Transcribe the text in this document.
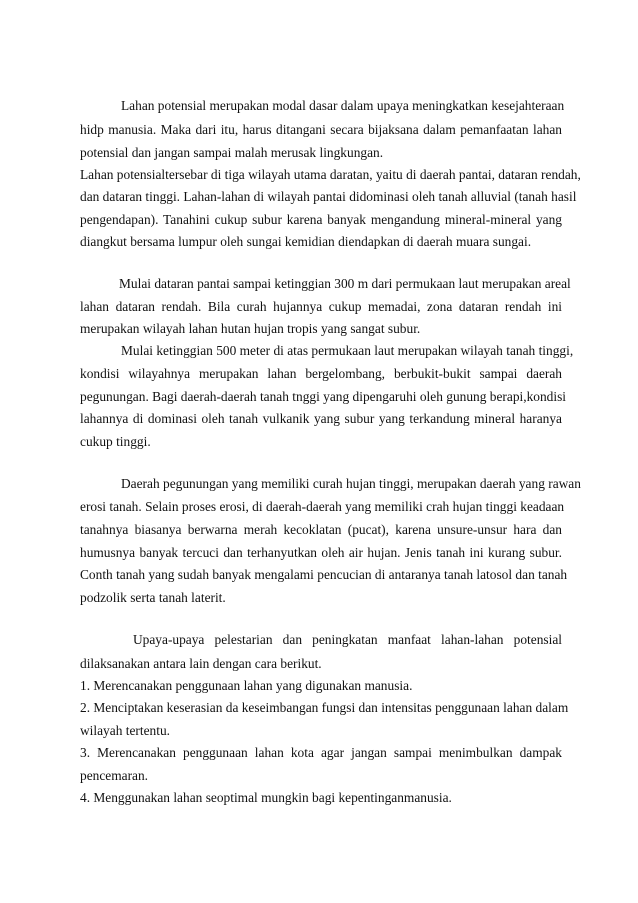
Lahan potensial merupakan modal dasar dalam upaya meningkatkan kesejahteraan
hidp manusia. Maka dari itu, harus ditangani secara bijaksana dalam pemanfaatan lahan
potensial dan jangan sampai malah merusak lingkungan.
Lahan potensialtersebar di tiga wilayah utama daratan, yaitu di daerah pantai, dataran rendah,
dan dataran tinggi. Lahan-lahan di wilayah pantai didominasi oleh tanah alluvial (tanah hasil
pengendapan). Tanahini cukup subur karena banyak mengandung mineral-mineral yang
diangkut bersama lumpur oleh sungai kemidian diendapkan di daerah muara sungai.
Mulai dataran pantai sampai ketinggian 300 m dari permukaan laut merupakan areal
lahan dataran rendah. Bila curah hujannya cukup memadai, zona dataran rendah ini
merupakan wilayah lahan hutan hujan tropis yang sangat subur.
Mulai ketinggian 500 meter di atas permukaan laut merupakan wilayah tanah tinggi,
kondisi wilayahnya merupakan lahan bergelombang, berbukit-bukit sampai daerah
pegunungan. Bagi daerah-daerah tanah tnggi yang dipengaruhi oleh gunung berapi,kondisi
lahannya di dominasi oleh tanah vulkanik yang subur yang terkandung mineral haranya
cukup tinggi.
Daerah pegunungan yang memiliki curah hujan tinggi, merupakan daerah yang rawan
erosi tanah. Selain proses erosi, di daerah-daerah yang memiliki crah hujan tinggi keadaan
tanahnya biasanya berwarna merah kecoklatan (pucat), karena unsure-unsur hara dan
humusnya banyak tercuci dan terhanyutkan oleh air hujan. Jenis tanah ini kurang subur.
Conth tanah yang sudah banyak mengalami pencucian di antaranya tanah latosol dan tanah
podzolik serta tanah laterit.
Upaya-upaya pelestarian dan peningkatan manfaat lahan-lahan potensial
dilaksanakan antara lain dengan cara berikut.
1. Merencanakan penggunaan lahan yang digunakan manusia.
2. Menciptakan keserasian da keseimbangan fungsi dan intensitas penggunaan lahan dalam
wilayah tertentu.
3. Merencanakan penggunaan lahan kota agar jangan sampai menimbulkan dampak
pencemaran.
4. Menggunakan lahan seoptimal mungkin bagi kepentinganmanusia.
